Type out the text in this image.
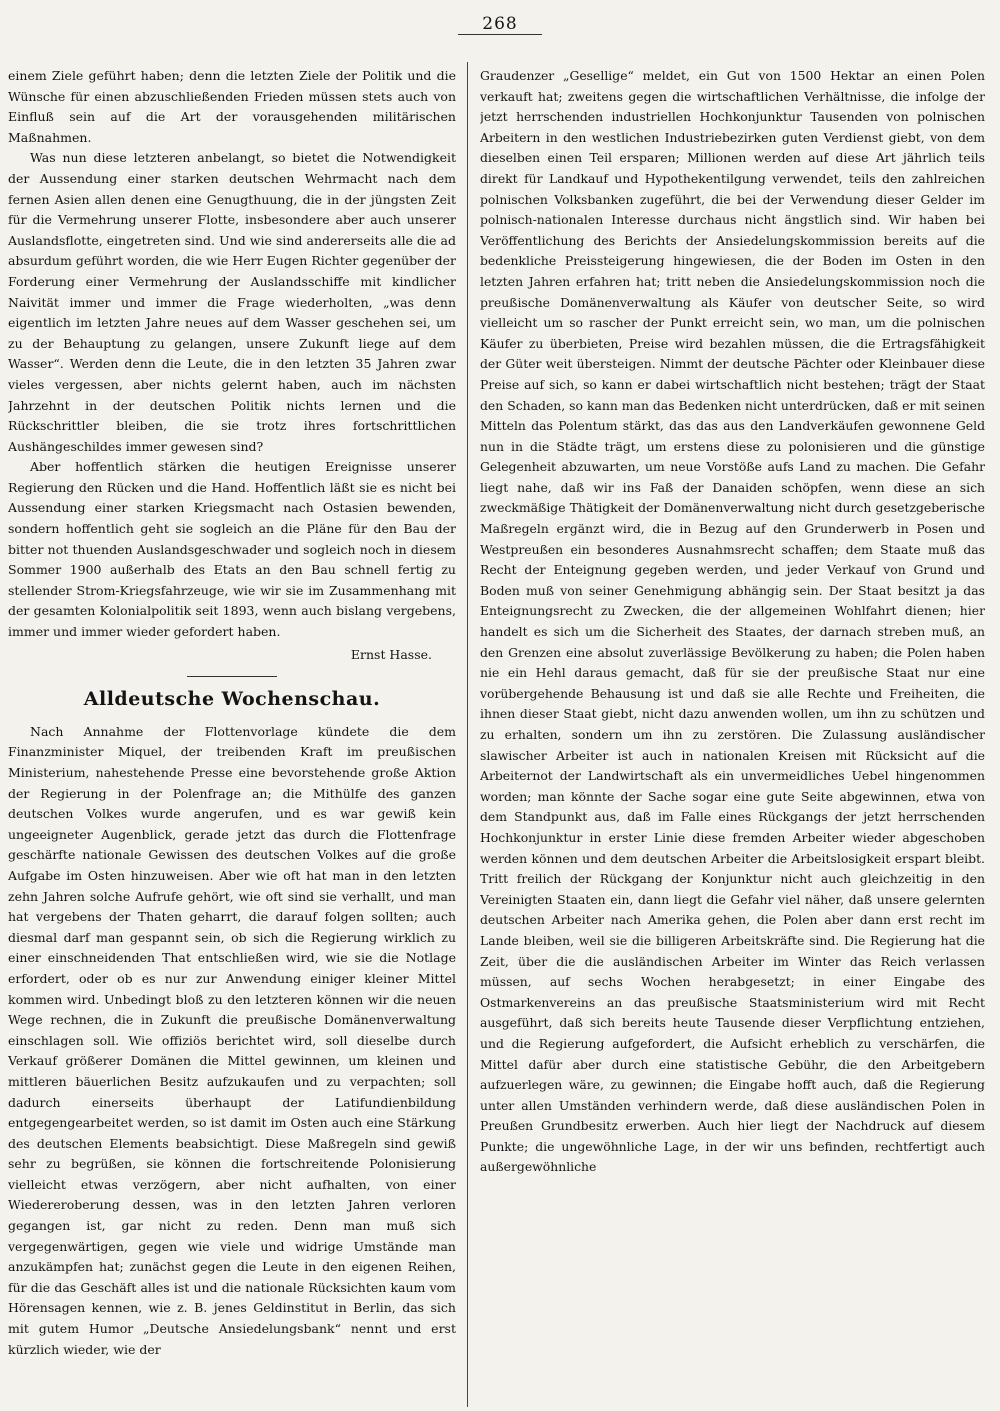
268

einem Ziele geführt haben; denn die letzten Ziele der Politik und die Wünsche für einen abzuschließenden Frieden müssen stets auch von Einfluß sein auf die Art der vorausgehenden militärischen Maßnahmen.

Was nun diese letzteren anbelangt, so bietet die Notwendigkeit der Aussendung einer starken deutschen Wehrmacht nach dem fernen Asien allen denen eine Genugthuung, die in der jüngsten Zeit für die Vermehrung unserer Flotte, insbesondere aber auch unserer Auslandsflotte, eingetreten sind. Und wie sind andererseits alle die ad absurdum geführt worden, die wie Herr Eugen Richter gegenüber der Forderung einer Vermehrung der Auslandsschiffe mit kindlicher Naivität immer und immer die Frage wiederholten, „was denn eigentlich im letzten Jahre neues auf dem Wasser geschehen sei, um zu der Behauptung zu gelangen, unsere Zukunft liege auf dem Wasser“. Werden denn die Leute, die in den letzten 35 Jahren zwar vieles vergessen, aber nichts gelernt haben, auch im nächsten Jahrzehnt in der deutschen Politik nichts lernen und die Rückschrittler bleiben, die sie trotz ihres fortschrittlichen Aushängeschildes immer gewesen sind?

Aber hoffentlich stärken die heutigen Ereignisse unserer Regierung den Rücken und die Hand. Hoffentlich läßt sie es nicht bei Aussendung einer starken Kriegsmacht nach Ostasien bewenden, sondern hoffentlich geht sie sogleich an die Pläne für den Bau der bitter not thuenden Auslandsgeschwader und sogleich noch in diesem Sommer 1900 außerhalb des Etats an den Bau schnell fertig zu stellender Strom-Kriegsfahrzeuge, wie wir sie im Zusammenhang mit der gesamten Kolonialpolitik seit 1893, wenn auch bislang vergebens, immer und immer wieder gefordert haben.

Ernst Hasse.

Alldeutsche Wochenschau.

Nach Annahme der Flottenvorlage kündete die dem Finanzminister Miquel, der treibenden Kraft im preußischen Ministerium, nahestehende Presse eine bevorstehende große Aktion der Regierung in der Polenfrage an; die Mithülfe des ganzen deutschen Volkes wurde angerufen, und es war gewiß kein ungeeigneter Augenblick, gerade jetzt das durch die Flottenfrage geschärfte nationale Gewissen des deutschen Volkes auf die große Aufgabe im Osten hinzuweisen. Aber wie oft hat man in den letzten zehn Jahren solche Aufrufe gehört, wie oft sind sie verhallt, und man hat vergebens der Thaten geharrt, die darauf folgen sollten; auch diesmal darf man gespannt sein, ob sich die Regierung wirklich zu einer einschneidenden That entschließen wird, wie sie die Notlage erfordert, oder ob es nur zur Anwendung einiger kleiner Mittel kommen wird. Unbedingt bloß zu den letzteren können wir die neuen Wege rechnen, die in Zukunft die preußische Domänenverwaltung einschlagen soll. Wie offiziös berichtet wird, soll dieselbe durch Verkauf größerer Domänen die Mittel gewinnen, um kleinen und mittleren bäuerlichen Besitz aufzukaufen und zu verpachten; soll dadurch einerseits überhaupt der Latifundienbildung entgegengearbeitet werden, so ist damit im Osten auch eine Stärkung des deutschen Elements beabsichtigt. Diese Maßregeln sind gewiß sehr zu begrüßen, sie können die fortschreitende Polonisierung vielleicht etwas verzögern, aber nicht aufhalten, von einer Wiedereroberung dessen, was in den letzten Jahren verloren gegangen ist, gar nicht zu reden. Denn man muß sich vergegenwärtigen, gegen wie viele und widrige Umstände man anzukämpfen hat; zunächst gegen die Leute in den eigenen Reihen, für die das Geschäft alles ist und die nationale Rücksichten kaum vom Hörensagen kennen, wie z. B. jenes Geldinstitut in Berlin, das sich mit gutem Humor „Deutsche Ansiedelungsbank“ nennt und erst kürzlich wieder, wie der

Graudenzer „Gesellige“ meldet, ein Gut von 1500 Hektar an einen Polen verkauft hat; zweitens gegen die wirtschaftlichen Verhältnisse, die infolge der jetzt herrschenden industriellen Hochkonjunktur Tausenden von polnischen Arbeitern in den westlichen Industriebezirken guten Verdienst giebt, von dem dieselben einen Teil ersparen; Millionen werden auf diese Art jährlich teils direkt für Landkauf und Hypothekentilgung verwendet, teils den zahlreichen polnischen Volksbanken zugeführt, die bei der Verwendung dieser Gelder im polnisch-nationalen Interesse durchaus nicht ängstlich sind. Wir haben bei Veröffentlichung des Berichts der Ansiedelungskommission bereits auf die bedenkliche Preissteigerung hingewiesen, die der Boden im Osten in den letzten Jahren erfahren hat; tritt neben die Ansiedelungskommission noch die preußische Domänenverwaltung als Käufer von deutscher Seite, so wird vielleicht um so rascher der Punkt erreicht sein, wo man, um die polnischen Käufer zu überbieten, Preise wird bezahlen müssen, die die Ertragsfähigkeit der Güter weit übersteigen. Nimmt der deutsche Pächter oder Kleinbauer diese Preise auf sich, so kann er dabei wirtschaftlich nicht bestehen; trägt der Staat den Schaden, so kann man das Bedenken nicht unterdrücken, daß er mit seinen Mitteln das Polentum stärkt, das das aus den Landverkäufen gewonnene Geld nun in die Städte trägt, um erstens diese zu polonisieren und die günstige Gelegenheit abzuwarten, um neue Vorstöße aufs Land zu machen. Die Gefahr liegt nahe, daß wir ins Faß der Danaiden schöpfen, wenn diese an sich zweckmäßige Thätigkeit der Domänenverwaltung nicht durch gesetzgeberische Maßregeln ergänzt wird, die in Bezug auf den Grunderwerb in Posen und Westpreußen ein besonderes Ausnahmsrecht schaffen; dem Staate muß das Recht der Enteignung gegeben werden, und jeder Verkauf von Grund und Boden muß von seiner Genehmigung abhängig sein. Der Staat besitzt ja das Enteignungsrecht zu Zwecken, die der allgemeinen Wohlfahrt dienen; hier handelt es sich um die Sicherheit des Staates, der darnach streben muß, an den Grenzen eine absolut zuverlässige Bevölkerung zu haben; die Polen haben nie ein Hehl daraus gemacht, daß für sie der preußische Staat nur eine vorübergehende Behausung ist und daß sie alle Rechte und Freiheiten, die ihnen dieser Staat giebt, nicht dazu anwenden wollen, um ihn zu schützen und zu erhalten, sondern um ihn zu zerstören. Die Zulassung ausländischer slawischer Arbeiter ist auch in nationalen Kreisen mit Rücksicht auf die Arbeiternot der Landwirtschaft als ein unvermeidliches Uebel hingenommen worden; man könnte der Sache sogar eine gute Seite abgewinnen, etwa von dem Standpunkt aus, daß im Falle eines Rückgangs der jetzt herrschenden Hochkonjunktur in erster Linie diese fremden Arbeiter wieder abgeschoben werden können und dem deutschen Arbeiter die Arbeitslosigkeit erspart bleibt. Tritt freilich der Rückgang der Konjunktur nicht auch gleichzeitig in den Vereinigten Staaten ein, dann liegt die Gefahr viel näher, daß unsere gelernten deutschen Arbeiter nach Amerika gehen, die Polen aber dann erst recht im Lande bleiben, weil sie die billigeren Arbeitskräfte sind. Die Regierung hat die Zeit, über die die ausländischen Arbeiter im Winter das Reich verlassen müssen, auf sechs Wochen herabgesetzt; in einer Eingabe des Ostmarkenvereins an das preußische Staatsministerium wird mit Recht ausgeführt, daß sich bereits heute Tausende dieser Verpflichtung entziehen, und die Regierung aufgefordert, die Aufsicht erheblich zu verschärfen, die Mittel dafür aber durch eine statistische Gebühr, die den Arbeitgebern aufzuerlegen wäre, zu gewinnen; die Eingabe hofft auch, daß die Regierung unter allen Umständen verhindern werde, daß diese ausländischen Polen in Preußen Grundbesitz erwerben. Auch hier liegt der Nachdruck auf diesem Punkte; die ungewöhnliche Lage, in der wir uns befinden, rechtfertigt auch außergewöhnliche
